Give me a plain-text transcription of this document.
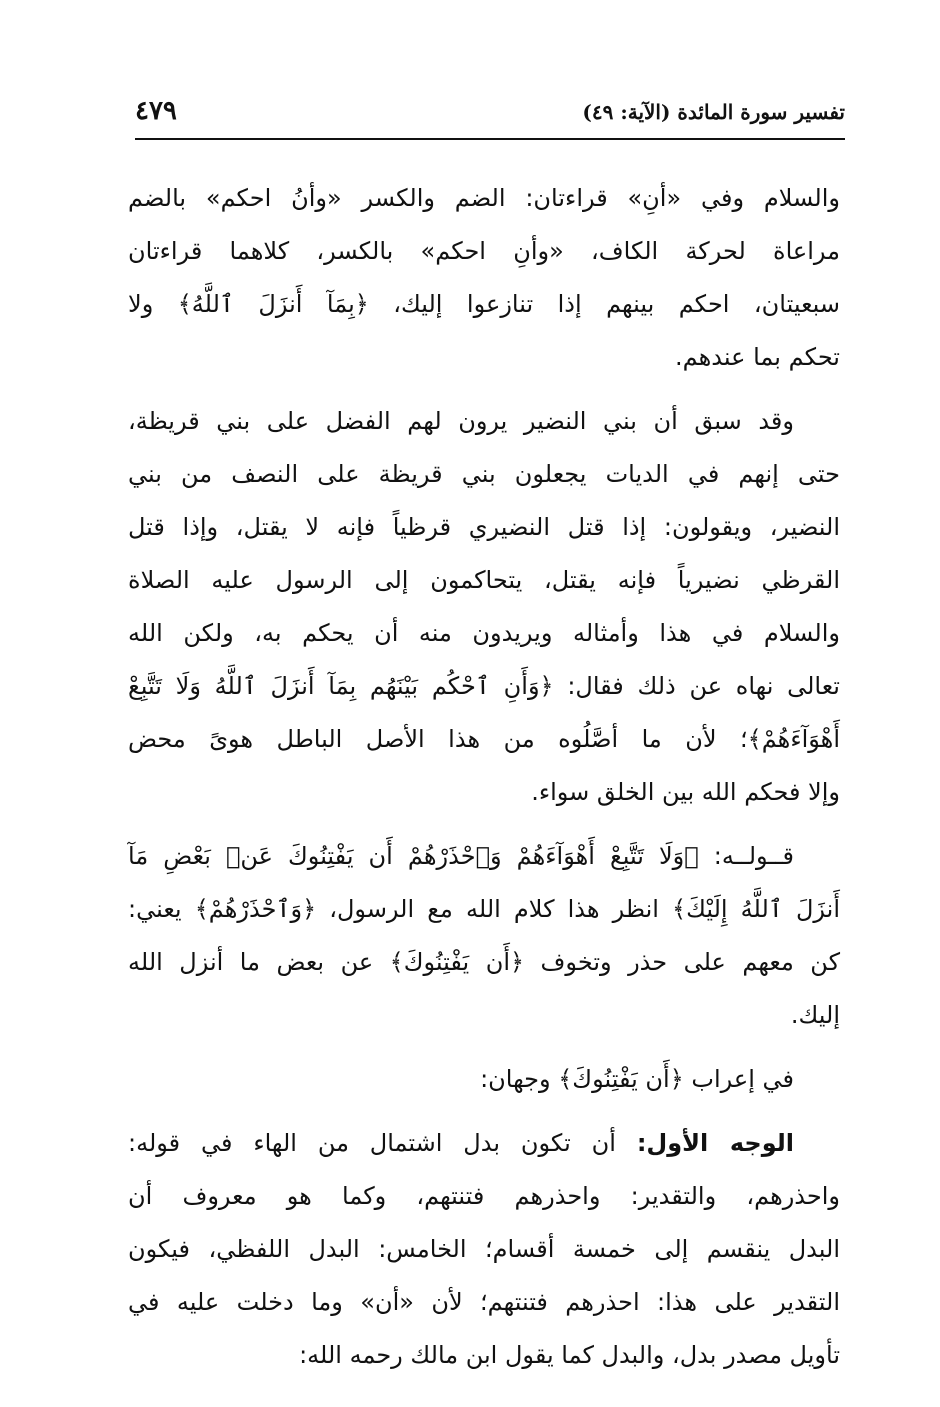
تفسير سورة المائدة (الآية: ٤٩)
٤٧٩

والسلام وفي «أنِ» قراءتان: الضم والكسر «وأنُ احكم» بالضم
مراعاة لحركة الكاف، «وأنِ احكم» بالكسر، كلاهما قراءتان
سبعيتان، احكم بينهم إذا تنازعوا إليك، ﴿بِمَآ أَنزَلَ ٱللَّهُ﴾ ولا
تحكم بما عندهم.

وقد سبق أن بني النضير يرون لهم الفضل على بني قريظة،
حتى إنهم في الديات يجعلون بني قريظة على النصف من بني
النضير، ويقولون: إذا قتل النضيري قرظياً فإنه لا يقتل، وإذا قتل
القرظي نضيرياً فإنه يقتل، يتحاكمون إلى الرسول عليه الصلاة
والسلام في هذا وأمثاله ويريدون منه أن يحكم به، ولكن الله
تعالى نهاه عن ذلك فقال: ﴿وَأَنِ ٱحْكُم بَيْنَهُم بِمَآ أَنزَلَ ٱللَّهُ وَلَا تَتَّبِعْ
أَهْوَآءَهُمْ﴾؛ لأن ما أصَّلُوه من هذا الأصل الباطل هوىً محض
وإلا فحكم الله بين الخلق سواء.

قــولــه: ﴿وَلَا تَتَّبِعْ أَهْوَآءَهُمْ وَٱحْذَرْهُمْ أَن يَفْتِنُوكَ عَنۢ بَعْضِ مَآ
أَنزَلَ ٱللَّهُ إِلَيْكَ﴾ انظر هذا كلام الله مع الرسول، ﴿وَٱحْذَرْهُمْ﴾ يعني:
كن معهم على حذر وتخوف ﴿أَن يَفْتِنُوكَ﴾ عن بعض ما أنزل الله
إليك.

في إعراب ﴿أَن يَفْتِنُوكَ﴾ وجهان:

الوجه الأول: أن تكون بدل اشتمال من الهاء في قوله:
واحذرهم، والتقدير: واحذرهم فتنتهم، وكما هو معروف أن
البدل ينقسم إلى خمسة أقسام؛ الخامس: البدل اللفظي، فيكون
التقدير على هذا: احذرهم فتنتهم؛ لأن «أن» وما دخلت عليه في
تأويل مصدر بدل، والبدل كما يقول ابن مالك رحمه الله:
